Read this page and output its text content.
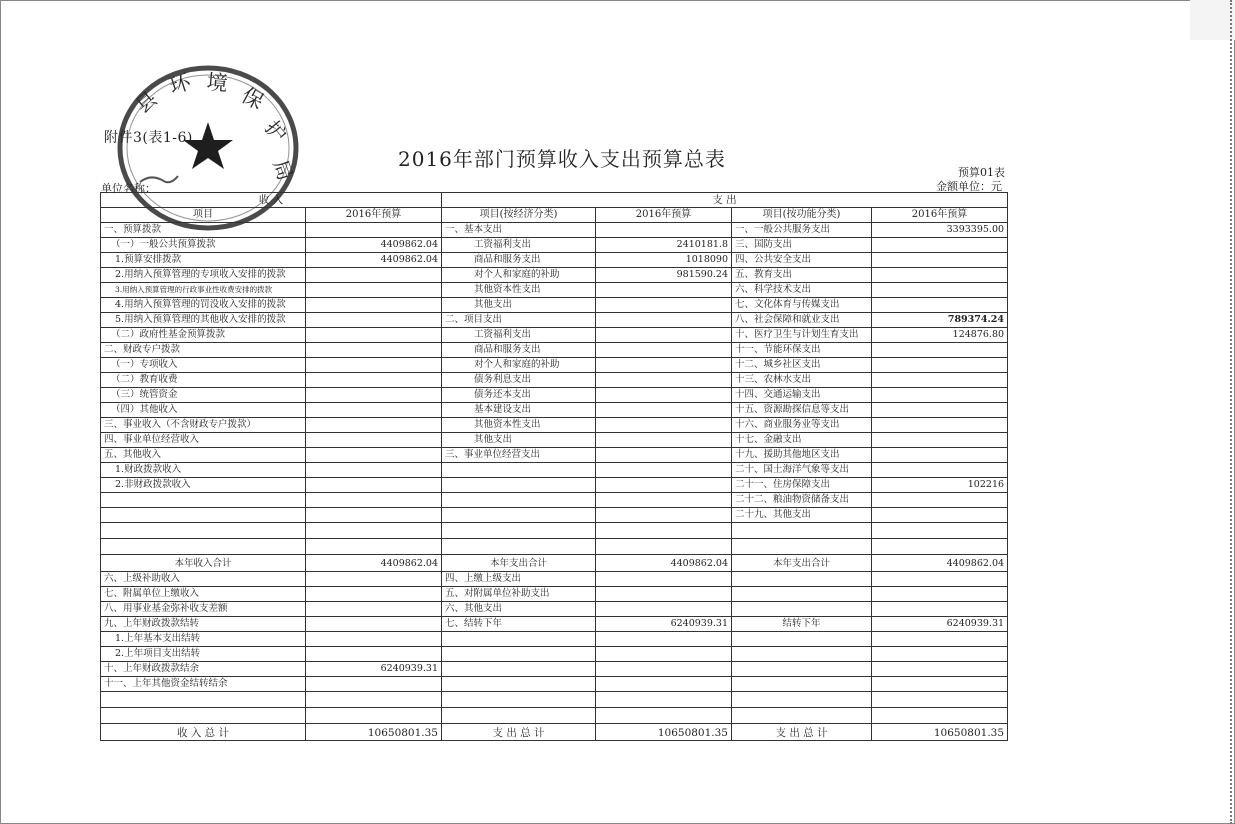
附件3(表1-6)
2016年部门预算收入支出预算总表
预算01表
金额单位：元
单位名称：
县
环 境
保
护
局
收 入		支 出			
项目	2016年预算	项目(按经济分类)	2016年预算	项目(按功能分类)	2016年预算
一、预算拨款		一、基本支出		一、一般公共服务支出	3393395.00
（一）一般公共预算拨款	4409862.04	工资福利支出	2410181.8	三、国防支出	
1.预算安排拨款	4409862.04	商品和服务支出	1018090	四、公共安全支出	
2.用纳入预算管理的专项收入安排的拨款		对个人和家庭的补助	981590.24	五、教育支出	
3.用纳入预算管理的行政事业性收费安排的拨款		其他资本性支出		六、科学技术支出	
4.用纳入预算管理的罚没收入安排的拨款		其他支出		七、文化体育与传媒支出	
5.用纳入预算管理的其他收入安排的拨款		二、项目支出		八、社会保障和就业支出	789374.24
（二）政府性基金预算拨款		工资福利支出		十、医疗卫生与计划生育支出	124876.80
二、财政专户拨款		商品和服务支出		十一、节能环保支出	
（一）专项收入		对个人和家庭的补助		十二、城乡社区支出	
（二）教育收费		债务利息支出		十三、农林水支出	
（三）统管资金		债务还本支出		十四、交通运输支出	
（四）其他收入		基本建设支出		十五、资源勘探信息等支出	
三、事业收入（不含财政专户拨款）		其他资本性支出		十六、商业服务业等支出	
四、事业单位经营收入		其他支出		十七、金融支出	
五、其他收入		三、事业单位经营支出		十九、援助其他地区支出	
1.财政拨款收入				二十、国土海洋气象等支出	
2.非财政拨款收入				二十一、住房保障支出	102216
				二十二、粮油物资储备支出	
				二十九、其他支出	

本年收入合计	4409862.04	本年支出合计	4409862.04	本年支出合计	4409862.04
六、上级补助收入		四、上缴上级支出			
七、附属单位上缴收入		五、对附属单位补助支出			
八、用事业基金弥补收支差额		六、其他支出			
九、上年财政拨款结转		七、结转下年	6240939.31	结转下年	6240939.31
1.上年基本支出结转					
2.上年项目支出结转					
十、上年财政拨款结余	6240939.31				
十一、上年其他资金结转结余					

收 入 总 计	10650801.35	支 出 总 计	10650801.35	支 出 总 计	10650801.35
